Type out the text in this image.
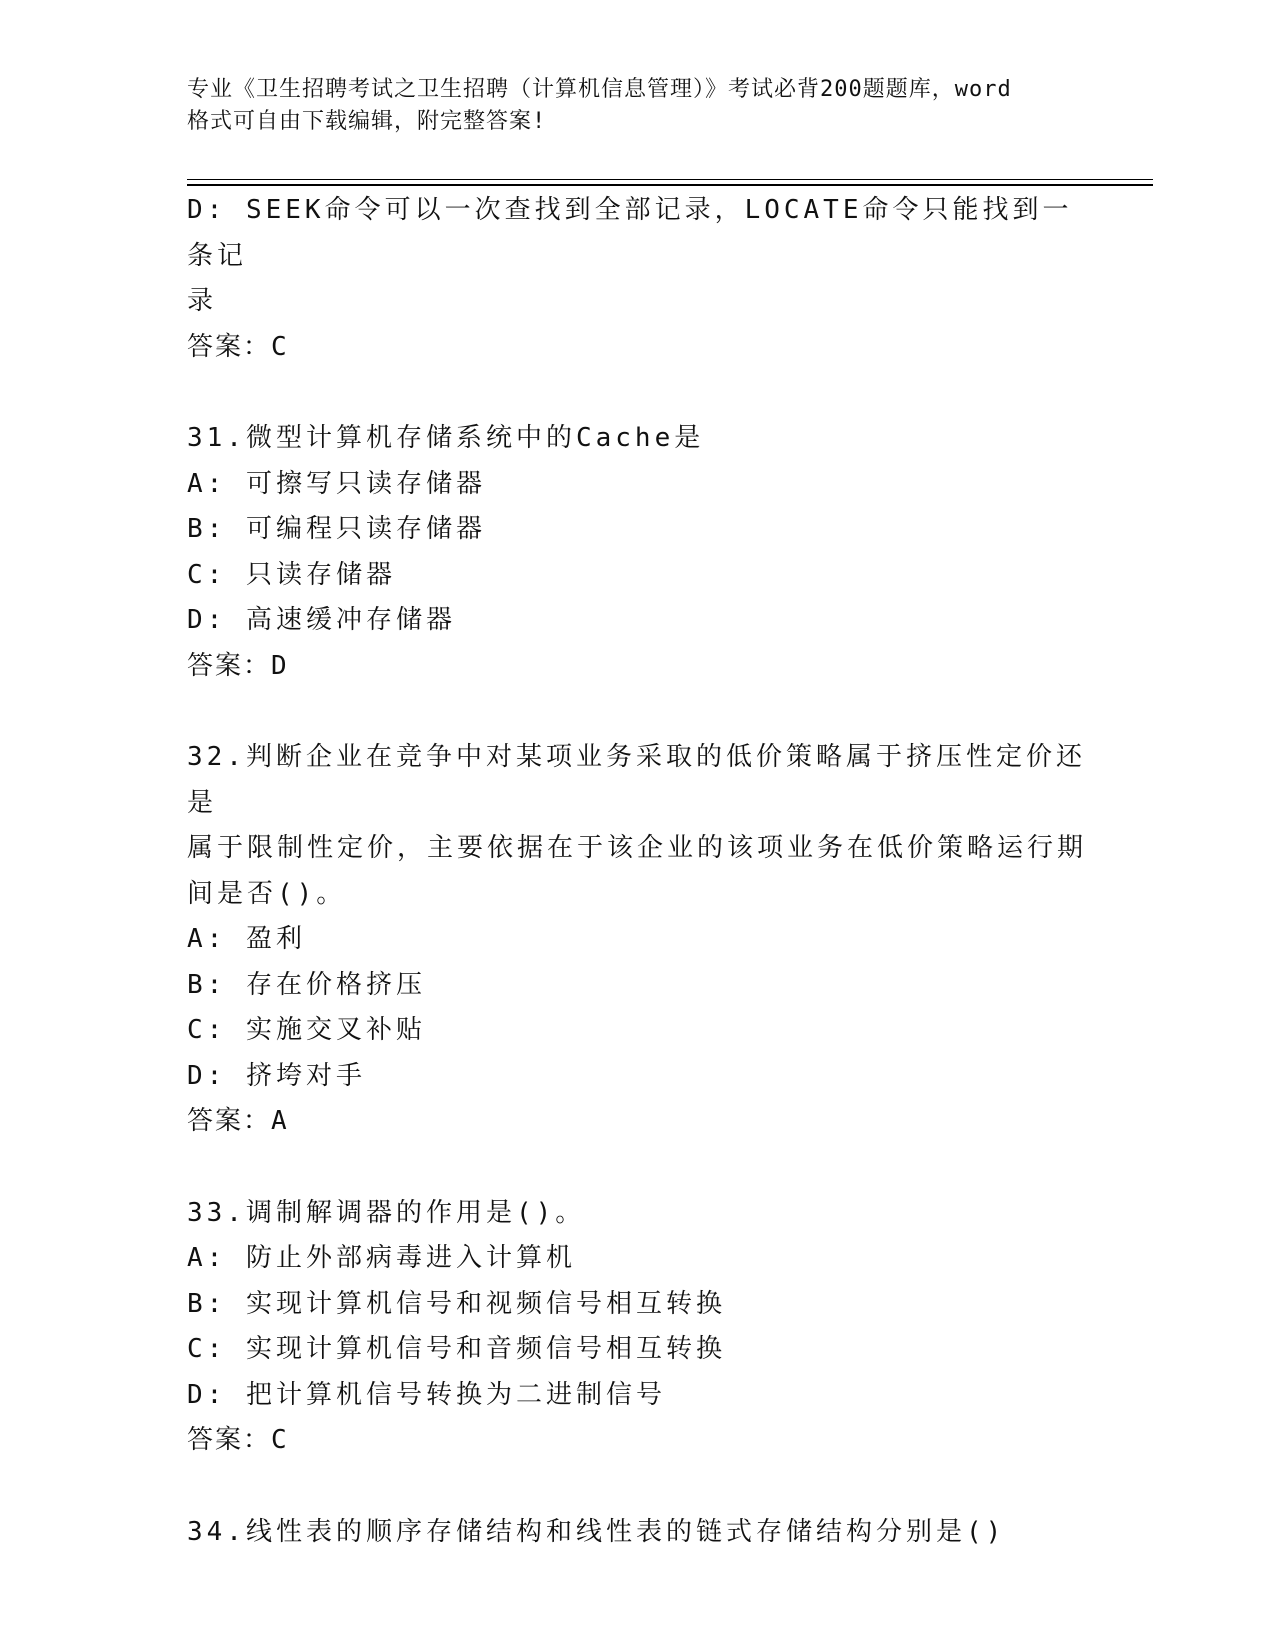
专业《卫生招聘考试之卫生招聘（计算机信息管理）》考试必背200题题库，word
格式可自由下载编辑，附完整答案!
D: SEEK命令可以一次查找到全部记录，LOCATE命令只能找到一条记
录
答案：C
31.微型计算机存储系统中的Cache是
A: 可擦写只读存储器
B: 可编程只读存储器
C: 只读存储器
D: 高速缓冲存储器
答案：D
32.判断企业在竞争中对某项业务采取的低价策略属于挤压性定价还是
属于限制性定价，主要依据在于该企业的该项业务在低价策略运行期
间是否()。
A: 盈利
B: 存在价格挤压
C: 实施交叉补贴
D: 挤垮对手
答案：A
33.调制解调器的作用是()。
A: 防止外部病毒进入计算机
B: 实现计算机信号和视频信号相互转换
C: 实现计算机信号和音频信号相互转换
D: 把计算机信号转换为二进制信号
答案：C
34.线性表的顺序存储结构和线性表的链式存储结构分别是()
